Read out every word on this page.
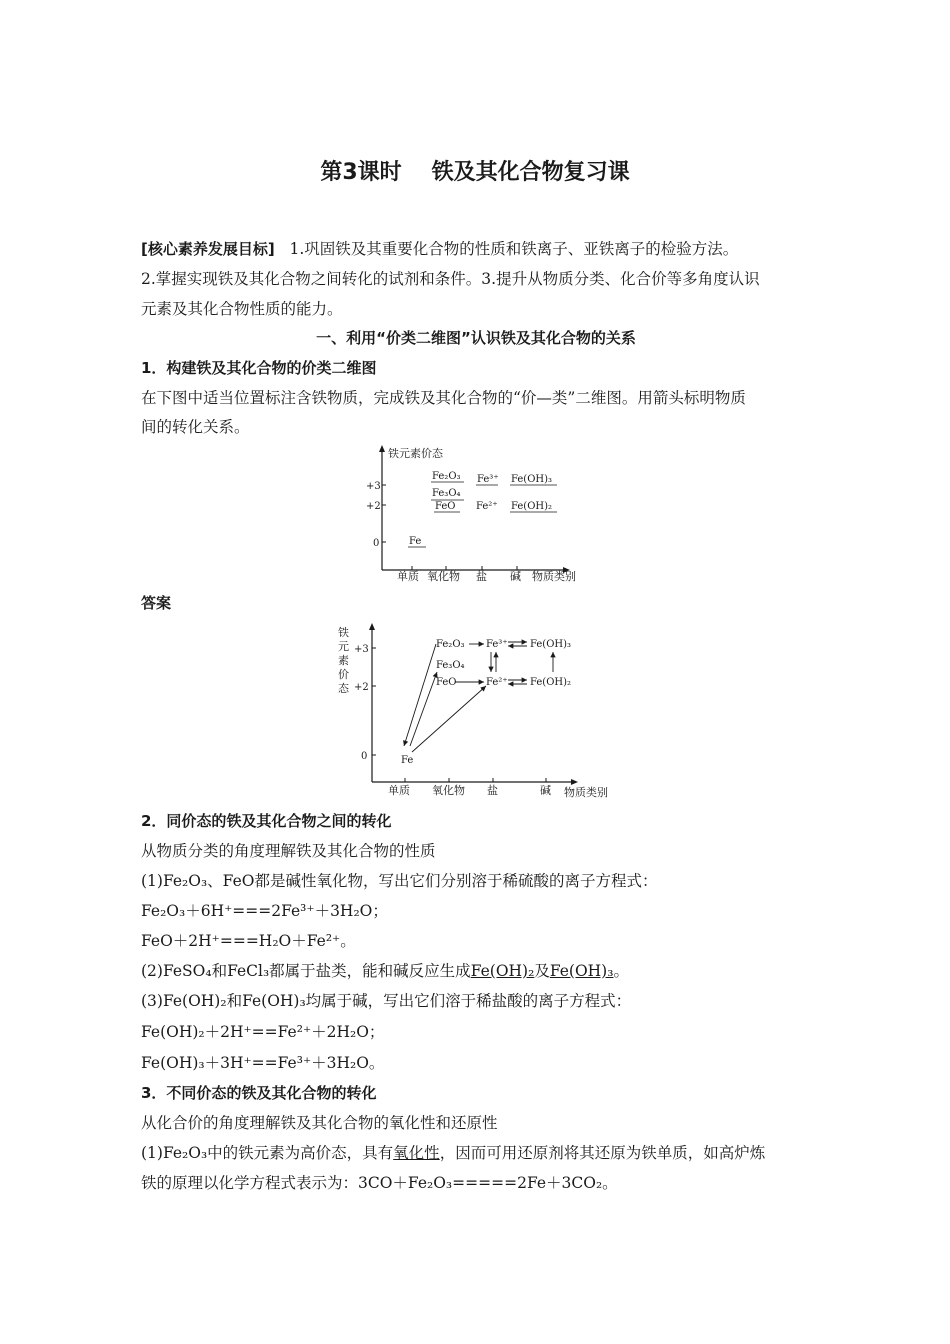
第3课时 铁及其化合物复习课
[核心素养发展目标] 1.巩固铁及其重要化合物的性质和铁离子、亚铁离子的检验方法。
2.掌握实现铁及其化合物之间转化的试剂和条件。3.提升从物质分类、化合价等多角度认识
元素及其化合物性质的能力。
一、利用“价类二维图”认识铁及其化合物的关系
1．构建铁及其化合物的价类二维图
在下图中适当位置标注含铁物质，完成铁及其化合物的“价—类”二维图。用箭头标明物质
间的转化关系。
铁元素价态
+3
+2
0
Fe₂O₃
Fe₃O₄
FeO
Fe³⁺
Fe²⁺
Fe(OH)₃
Fe(OH)₂
Fe
单质 氧化物 盐 碱 物质类别
答案
铁
元
素
价
态
+3
+2
0
Fe₂O₃ Fe³⁺ Fe(OH)₃
Fe₃O₄
FeO	Fe²⁺ Fe(OH)₂
Fe
单质 氧化物 盐	碱 物质类别
2．同价态的铁及其化合物之间的转化
从物质分类的角度理解铁及其化合物的性质
(1)Fe₂O₃、FeO都是碱性氧化物，写出它们分别溶于稀硫酸的离子方程式：
Fe₂O₃＋6H⁺===2Fe³⁺＋3H₂O；
FeO＋2H⁺===H₂O＋Fe²⁺。
(2)FeSO₄和FeCl₃都属于盐类，能和碱反应生成Fe(OH)₂及Fe(OH)₃。
(3)Fe(OH)₂和Fe(OH)₃均属于碱，写出它们溶于稀盐酸的离子方程式：
Fe(OH)₂＋2H⁺==Fe²⁺＋2H₂O；
Fe(OH)₃＋3H⁺==Fe³⁺＋3H₂O。
3．不同价态的铁及其化合物的转化
从化合价的角度理解铁及其化合物的氧化性和还原性
(1)Fe₂O₃中的铁元素为高价态，具有氧化性，因而可用还原剂将其还原为铁单质，如高炉炼
铁的原理以化学方程式表示为：3CO＋Fe₂O₃=====2Fe＋3CO₂。
